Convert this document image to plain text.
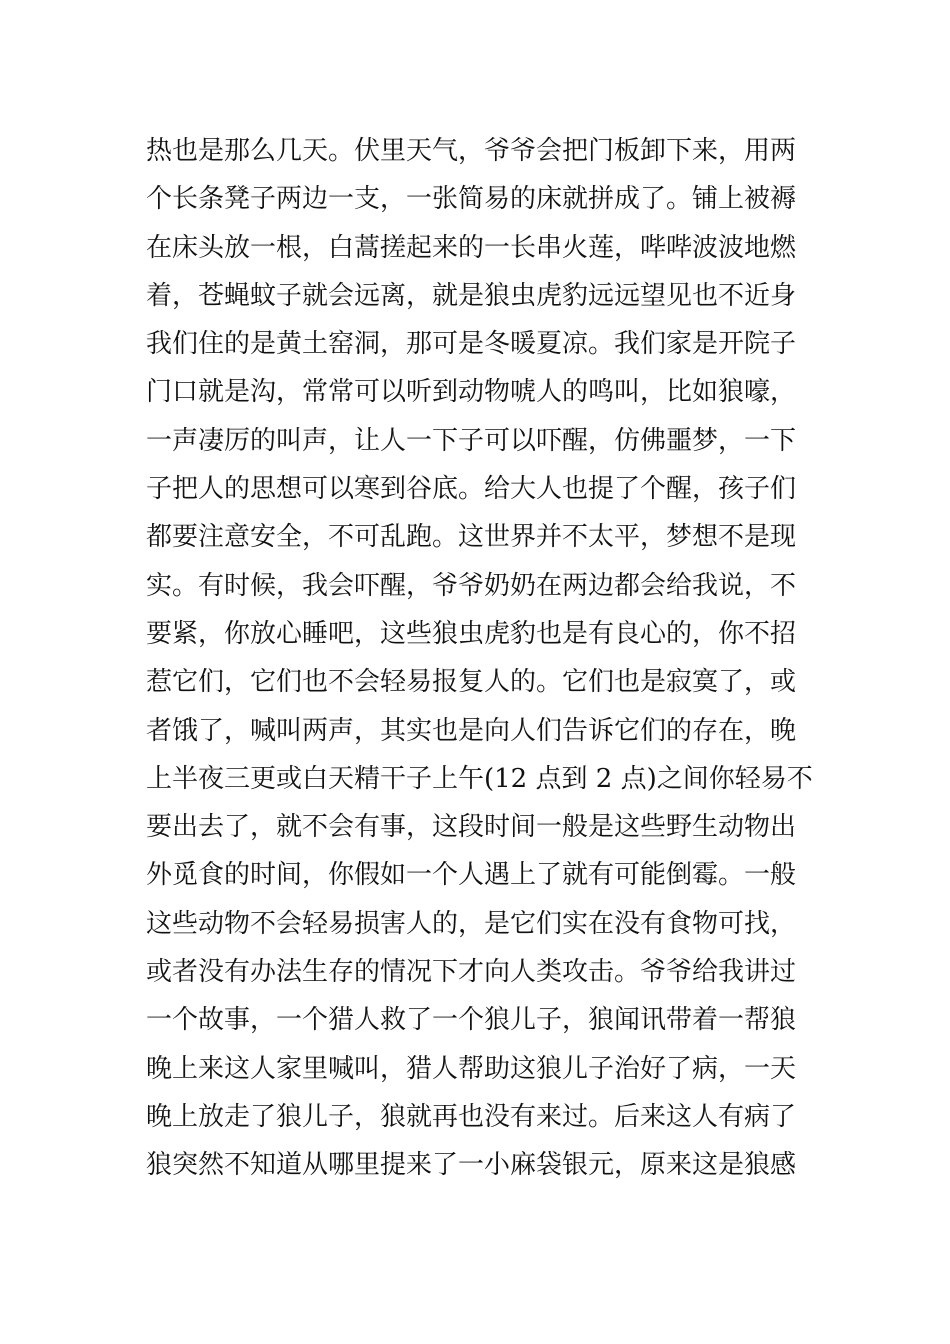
热也是那么几天。伏里天气，爷爷会把门板卸下来，用两
个长条凳子两边一支，一张简易的床就拼成了。铺上被褥
在床头放一根，白蒿搓起来的一长串火莲，哔哔波波地燃
着，苍蝇蚊子就会远离，就是狼虫虎豹远远望见也不近身
我们住的是黄土窑洞，那可是冬暖夏凉。我们家是开院子
门口就是沟，常常可以听到动物唬人的鸣叫，比如狼嚎，
一声凄厉的叫声，让人一下子可以吓醒，仿佛噩梦，一下
子把人的思想可以寒到谷底。给大人也提了个醒，孩子们
都要注意安全，不可乱跑。这世界并不太平，梦想不是现
实。有时候，我会吓醒，爷爷奶奶在两边都会给我说，不
要紧，你放心睡吧，这些狼虫虎豹也是有良心的，你不招
惹它们，它们也不会轻易报复人的。它们也是寂寞了，或
者饿了，喊叫两声，其实也是向人们告诉它们的存在，晚
上半夜三更或白天精干子上午(12 点到 2 点)之间你轻易不
要出去了，就不会有事，这段时间一般是这些野生动物出
外觅食的时间，你假如一个人遇上了就有可能倒霉。一般
这些动物不会轻易损害人的，是它们实在没有食物可找，
或者没有办法生存的情况下才向人类攻击。爷爷给我讲过
一个故事，一个猎人救了一个狼儿子，狼闻讯带着一帮狼
晚上来这人家里喊叫，猎人帮助这狼儿子治好了病，一天
晚上放走了狼儿子，狼就再也没有来过。后来这人有病了
狼突然不知道从哪里提来了一小麻袋银元，原来这是狼感
